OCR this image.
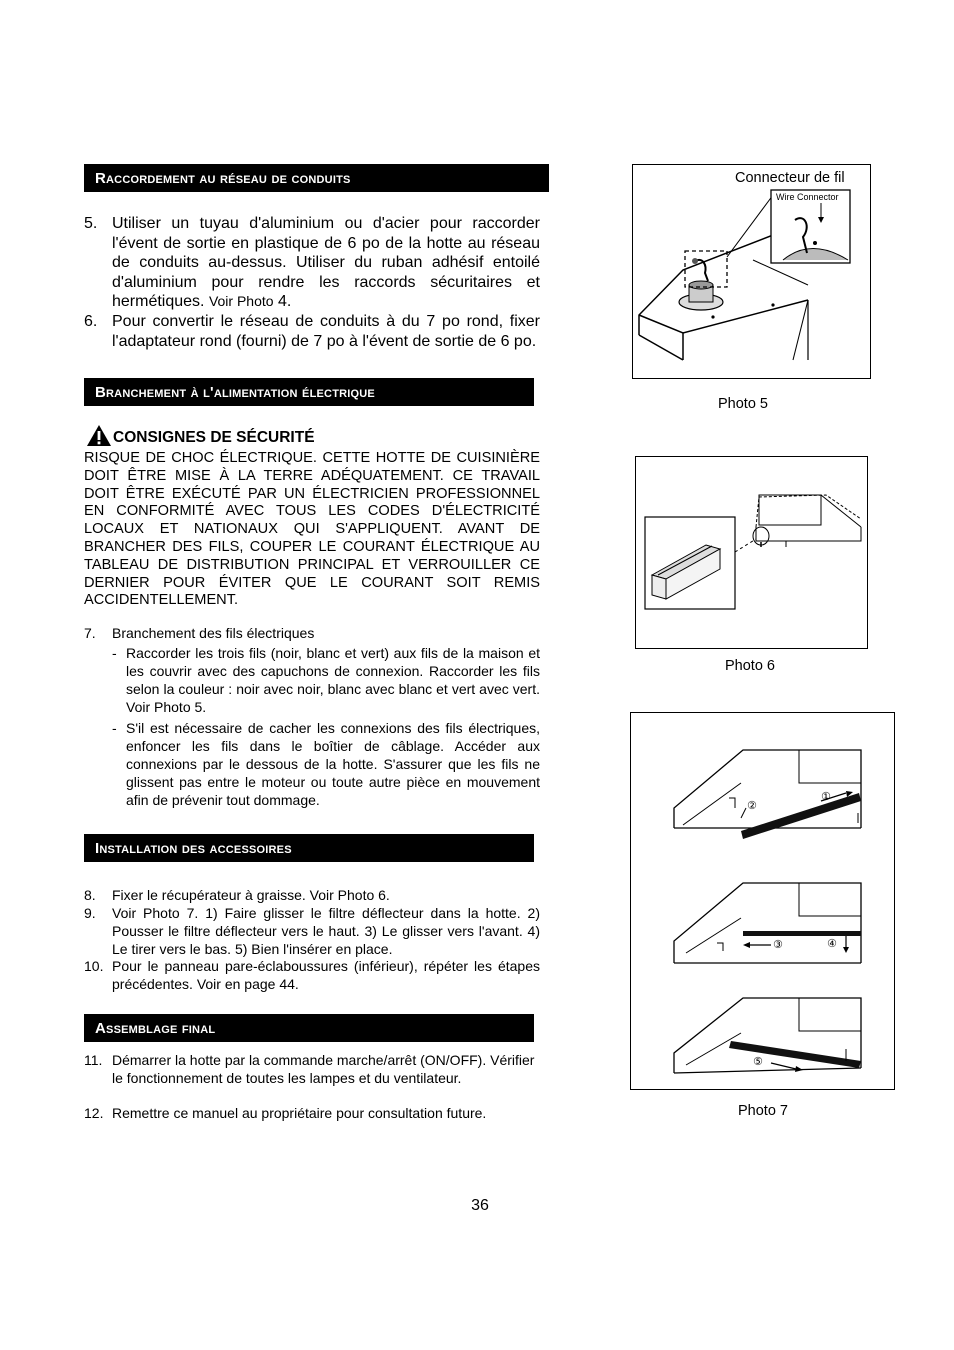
Raccordement au réseau de conduits
5. Utiliser un tuyau d'aluminium ou d'acier pour raccorder l'évent de sortie en plastique de 6 po de la hotte au réseau de conduits au-dessus. Utiliser du ruban adhésif entoilé d'aluminium pour rendre les raccords sécuritaires et hermétiques. Voir Photo 4.
6. Pour convertir le réseau de conduits à du 7 po rond, fixer l'adaptateur rond (fourni) de 7 po à l'évent de sortie de 6 po.
Branchement à l'alimentation électrique
CONSIGNES DE SÉCURITÉ
RISQUE DE CHOC ÉLECTRIQUE. CETTE HOTTE DE CUISINIÈRE DOIT ÊTRE MISE À LA TERRE ADÉQUATEMENT. CE TRAVAIL DOIT ÊTRE EXÉCUTÉ PAR UN ÉLECTRICIEN PROFESSIONNEL EN CONFORMITÉ AVEC TOUS LES CODES D'ÉLECTRICITÉ LOCAUX ET NATIONAUX QUI S'APPLIQUENT. AVANT DE BRANCHER DES FILS, COUPER LE COURANT ÉLECTRIQUE AU TABLEAU DE DISTRIBUTION PRINCIPAL ET VERROUILLER CE DERNIER POUR ÉVITER QUE LE COURANT SOIT REMIS ACCIDENTELLEMENT.
7. Branchement des fils électriques
- Raccorder les trois fils (noir, blanc et vert) aux fils de la maison et les couvrir avec des capuchons de connexion. Raccorder les fils selon la couleur : noir avec noir, blanc avec blanc et vert avec vert. Voir Photo 5.
- S'il est nécessaire de cacher les connexions des fils électriques, enfoncer les fils dans le boîtier de câblage. Accéder aux connexions par le dessous de la hotte. S'assurer que les fils ne glissent pas entre le moteur ou toute autre pièce en mouvement afin de prévenir tout dommage.
Installation des accessoires
8. Fixer le récupérateur à graisse. Voir Photo 6.
9. Voir Photo 7. 1) Faire glisser le filtre déflecteur dans la hotte. 2) Pousser le filtre déflecteur vers le haut. 3) Le glisser vers l'avant. 4) Le tirer vers le bas. 5) Bien l'insérer en place.
10. Pour le panneau pare-éclaboussures (inférieur), répéter les étapes précédentes. Voir en page 44.
Assemblage final
11. Démarrer la hotte par la commande marche/arrêt (ON/OFF). Vérifier le fonctionnement de toutes les lampes et du ventilateur.
12. Remettre ce manuel au propriétaire pour consultation future.
Connecteur de fil
Wire Connector
Photo 5
Photo 6
①
②
③	④
⑤
Photo 7
36
